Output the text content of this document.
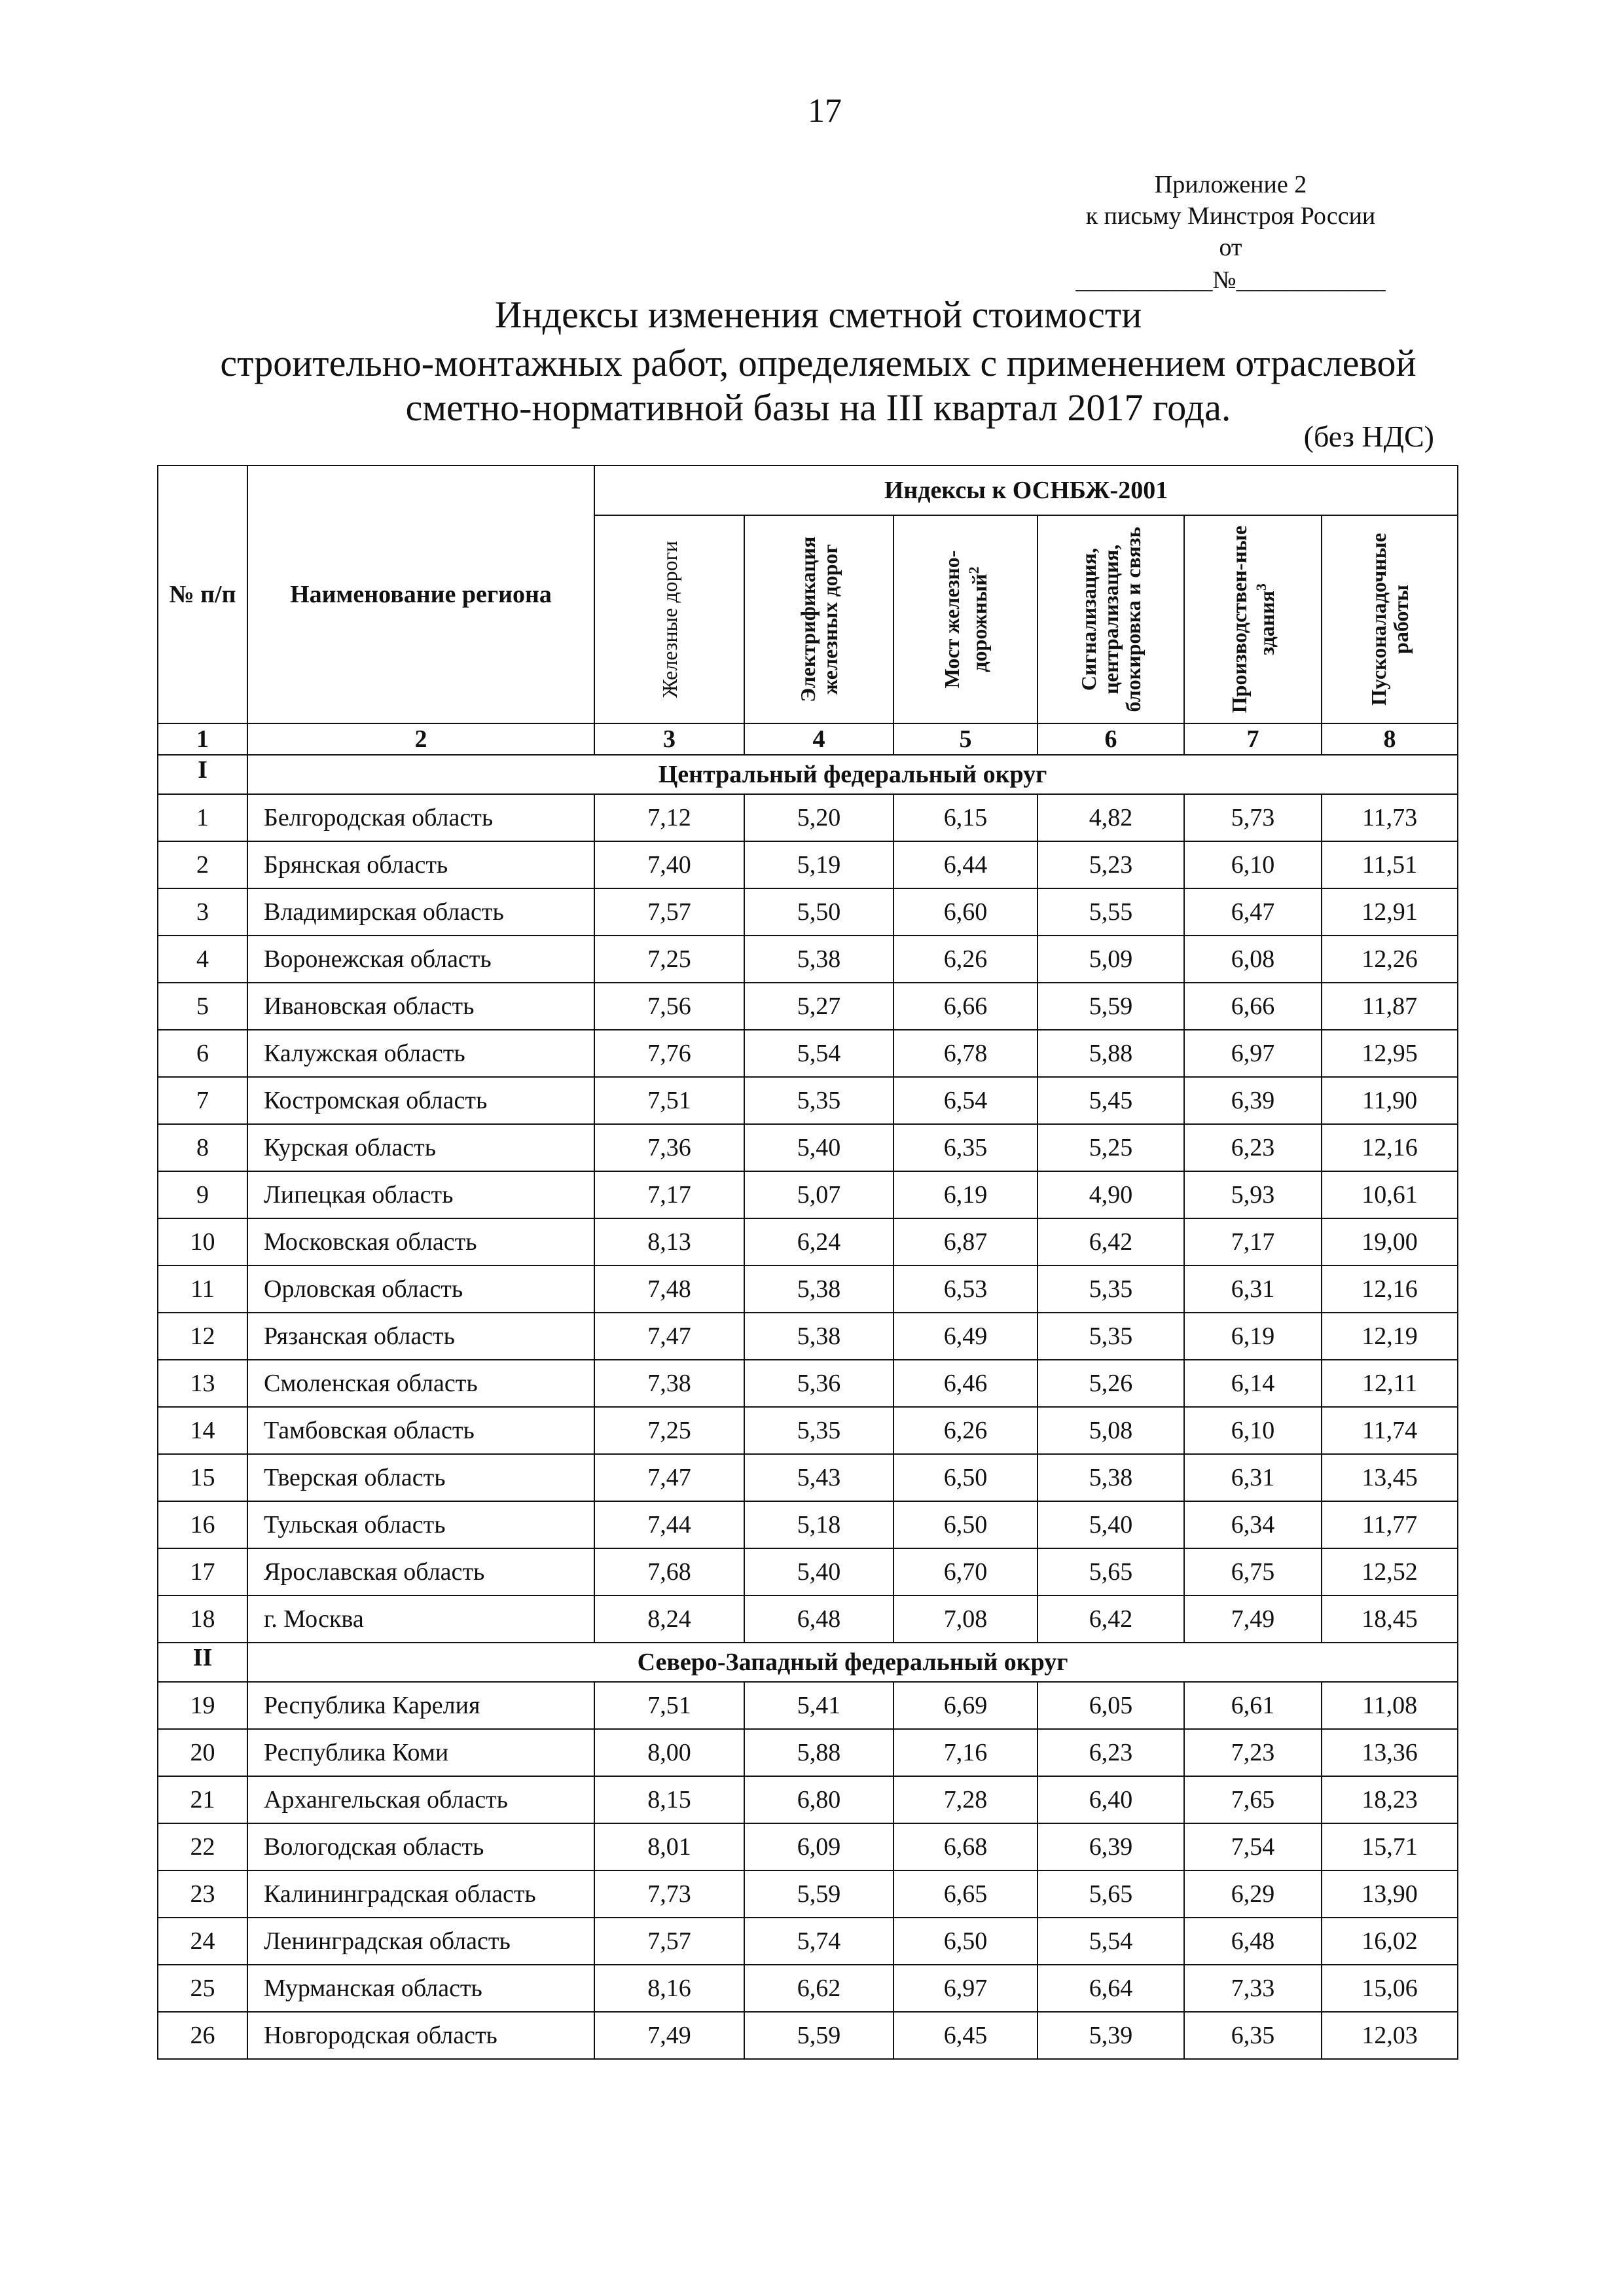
17
Приложение 2
к письму Минстроя России
от
___________№____________
Индексы изменения сметной стоимости
строительно-монтажных работ, определяемых с применением отраслевой
сметно-нормативной базы на III квартал 2017 года.
(без НДС)
№ п/п	Наименование региона	Индексы к ОСНБЖ-2001					

		Железные дороги	Электрификация железных дорог	Мост железно-дорожный$^2$	Сигнализация, централизация, блокировка и связь	Производствен-ные здания$^3$	Пусконаладочные работы

1	2	3	4	5	6	7	8
I	Центральный федеральный округ						
1	Белгородская область	7,12	5,20	6,15	4,82	5,73	11,73
2	Брянская область	7,40	5,19	6,44	5,23	6,10	11,51
3	Владимирская область	7,57	5,50	6,60	5,55	6,47	12,91
4	Воронежская область	7,25	5,38	6,26	5,09	6,08	12,26
5	Ивановская область	7,56	5,27	6,66	5,59	6,66	11,87
6	Калужская область	7,76	5,54	6,78	5,88	6,97	12,95
7	Костромская область	7,51	5,35	6,54	5,45	6,39	11,90
8	Курская область	7,36	5,40	6,35	5,25	6,23	12,16
9	Липецкая область	7,17	5,07	6,19	4,90	5,93	10,61
10	Московская область	8,13	6,24	6,87	6,42	7,17	19,00
11	Орловская область	7,48	5,38	6,53	5,35	6,31	12,16
12	Рязанская область	7,47	5,38	6,49	5,35	6,19	12,19
13	Смоленская область	7,38	5,36	6,46	5,26	6,14	12,11
14	Тамбовская область	7,25	5,35	6,26	5,08	6,10	11,74
15	Тверская область	7,47	5,43	6,50	5,38	6,31	13,45
16	Тульская область	7,44	5,18	6,50	5,40	6,34	11,77
17	Ярославская область	7,68	5,40	6,70	5,65	6,75	12,52
18	г. Москва	8,24	6,48	7,08	6,42	7,49	18,45
II	Северо-Западный федеральный округ						
19	Республика Карелия	7,51	5,41	6,69	6,05	6,61	11,08
20	Республика Коми	8,00	5,88	7,16	6,23	7,23	13,36
21	Архангельская область	8,15	6,80	7,28	6,40	7,65	18,23
22	Вологодская область	8,01	6,09	6,68	6,39	7,54	15,71
23	Калининградская область	7,73	5,59	6,65	5,65	6,29	13,90
24	Ленинградская область	7,57	5,74	6,50	5,54	6,48	16,02
25	Мурманская область	8,16	6,62	6,97	6,64	7,33	15,06
26	Новгородская область	7,49	5,59	6,45	5,39	6,35	12,03
